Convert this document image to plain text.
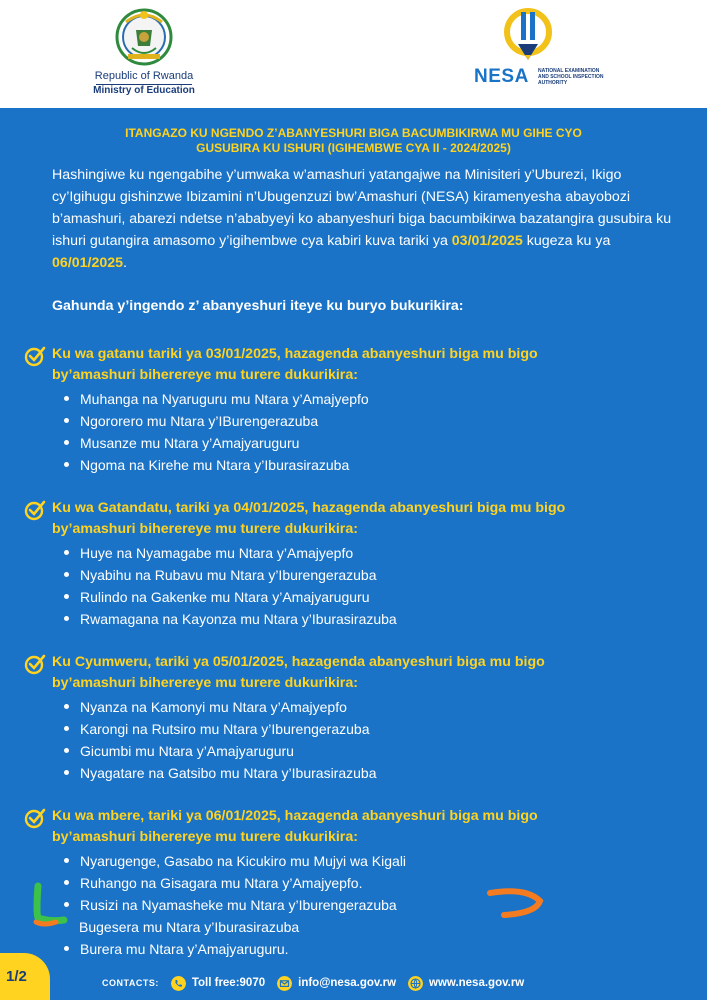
Republic of Rwanda
Ministry of Education
NESA NATIONAL EXAMINATION
AND SCHOOL INSPECTION
AUTHORITY
ITANGAZO KU NGENDO Z’ABANYESHURI BIGA BACUMBIKIRWA MU GIHE CYO
GUSUBIRA KU ISHURI (IGIHEMBWE CYA II - 2024/2025)
Hashingiwe ku ngengabihe y’umwaka w’amashuri yatangajwe na Minisiteri y’Uburezi, Ikigo cy’Igihugu gishinzwe Ibizamini n’Ubugenzuzi bw’Amashuri (NESA) kiramenyesha abayobozi b’amashuri, abarezi ndetse n’ababyeyi ko abanyeshuri biga bacumbikirwa bazatangira gusubira ku ishuri gutangira amasomo y’igihembwe cya kabiri kuva tariki ya 03/01/2025 kugeza ku ya 06/01/2025.
Gahunda y’ingendo z’ abanyeshuri iteye ku buryo bukurikira:
Ku wa gatanu tariki ya 03/01/2025, hazagenda abanyeshuri biga mu bigo
by’amashuri biherereye mu turere dukurikira:
Muhanga na Nyaruguru mu Ntara y’Amajyepfo
Ngororero mu Ntara y’IBurengerazuba
Musanze mu Ntara y’Amajyaruguru
Ngoma na Kirehe mu Ntara y’Iburasirazuba
Ku wa Gatandatu, tariki ya 04/01/2025, hazagenda abanyeshuri biga mu bigo
by’amashuri biherereye mu turere dukurikira:
Huye na Nyamagabe mu Ntara y’Amajyepfo
Nyabihu na Rubavu mu Ntara y’Iburengerazuba
Rulindo na Gakenke mu Ntara y’Amajyaruguru
Rwamagana na Kayonza mu Ntara y’Iburasirazuba
Ku Cyumweru, tariki ya 05/01/2025, hazagenda abanyeshuri biga mu bigo
by’amashuri biherereye mu turere dukurikira:
Nyanza na Kamonyi mu Ntara y’Amajyepfo
Karongi na Rutsiro mu Ntara y’Iburengerazuba
Gicumbi mu Ntara y’Amajyaruguru
Nyagatare na Gatsibo mu Ntara y’Iburasirazuba
Ku wa mbere, tariki ya 06/01/2025, hazagenda abanyeshuri biga mu bigo
by’amashuri biherereye mu turere dukurikira:
Nyarugenge, Gasabo na Kicukiro mu Mujyi wa Kigali
Ruhango na Gisagara mu Ntara y’Amajyepfo.
Rusizi na Nyamasheke mu Ntara y’Iburengerazuba
Bugesera mu Ntara y’Iburasirazuba
Burera mu Ntara y’Amajyaruguru.
1/2	CONTACTS:	Toll free:9070	info@nesa.gov.rw	www.nesa.gov.rw
